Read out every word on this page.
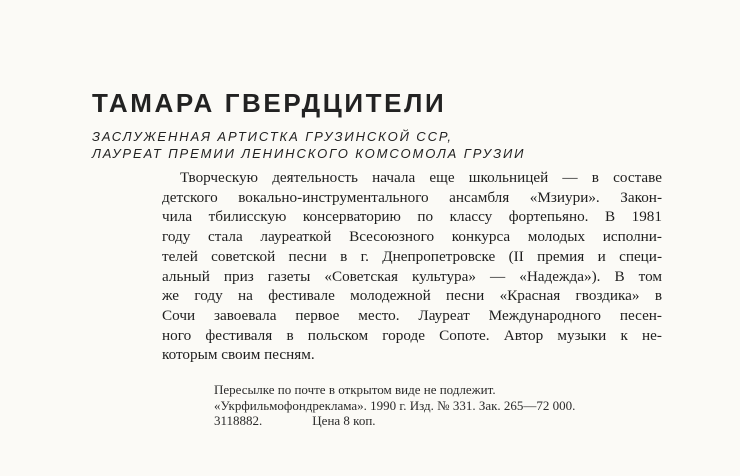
ТАМАРА ГВЕРДЦИТЕЛИ
ЗАСЛУЖЕННАЯ АРТИСТКА ГРУЗИНСКОЙ ССР,
ЛАУРЕАТ ПРЕМИИ ЛЕНИНСКОГО КОМСОМОЛА ГРУЗИИ
Творческую деятельность начала еще школьницей — в составе
детского вокально-инструментального ансамбля «Мзиури». Закон-
чила тбилисскую консерваторию по классу фортепьяно. В 1981
году стала лауреаткой Всесоюзного конкурса молодых исполни-
телей советской песни в г. Днепропетровске (II премия и специ-
альный приз газеты «Советская культура» — «Надежда»). В том
же году на фестивале молодежной песни «Красная гвоздика» в
Сочи завоевала первое место. Лауреат Международного песен-
ного фестиваля в польском городе Сопоте. Автор музыки к не-
которым своим песням.
Пересылке по почте в открытом виде не подлежит.
«Укрфильмофондреклама». 1990 г. Изд. № 331. Зак. 265—72 000.
3118882.	Цена 8 коп.
